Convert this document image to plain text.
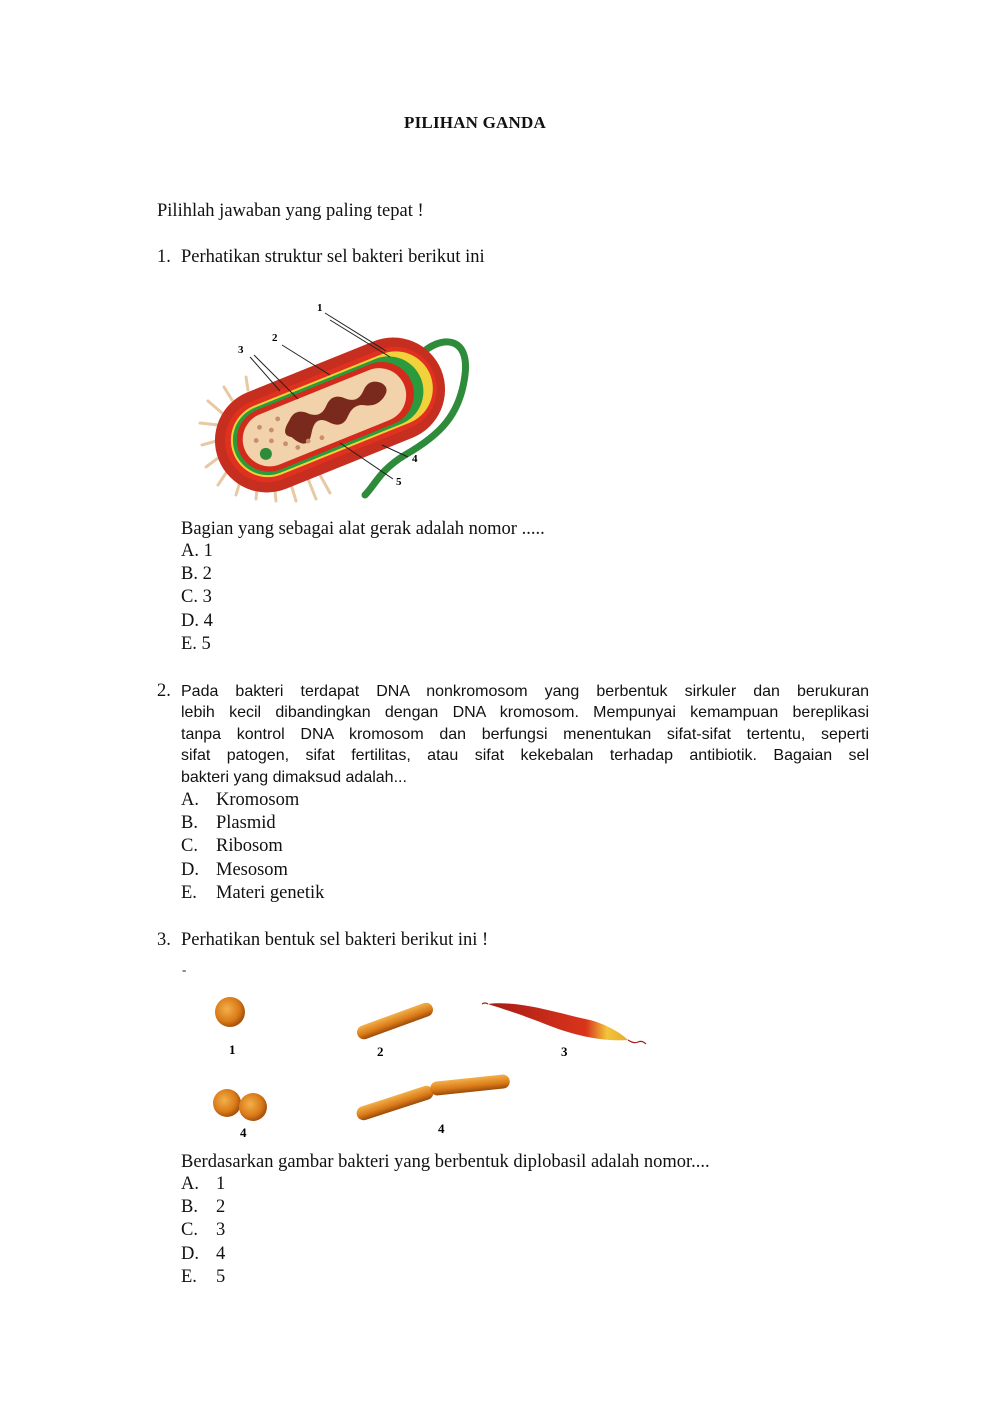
PILIHAN GANDA
Pilihlah jawaban yang paling tepat !
1. Perhatikan struktur sel bakteri berikut ini
1
2
3
4
5
Bagian yang sebagai alat gerak adalah nomor .....
A. 1
B. 2
C. 3
D. 4
E. 5
2. Pada bakteri terdapat DNA nonkromosom yang berbentuk sirkuler dan berukuran
lebih kecil dibandingkan dengan DNA kromosom. Mempunyai kemampuan bereplikasi
tanpa kontrol DNA kromosom dan berfungsi menentukan sifat-sifat tertentu, seperti
sifat patogen, sifat fertilitas, atau sifat kekebalan terhadap antibiotik. Bagaian sel
bakteri yang dimaksud adalah...
A. Kromosom
B. Plasmid
C. Ribosom
D. Mesosom
E. Materi genetik
3. Perhatikan bentuk sel bakteri berikut ini !
-
1	2	3
4	4
Berdasarkan gambar bakteri yang berbentuk diplobasil adalah nomor....
A. 1
B. 2
C. 3
D. 4
E. 5
